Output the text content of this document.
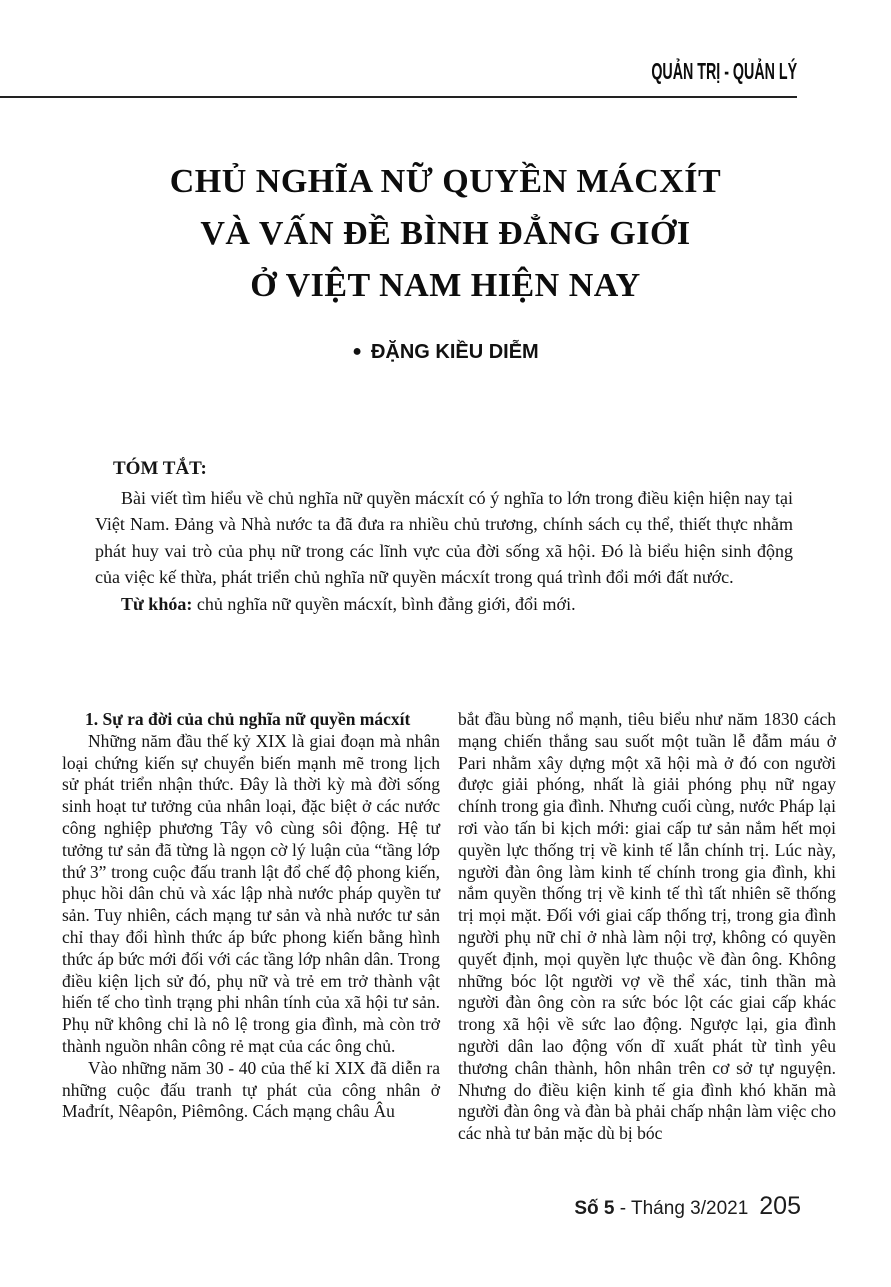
QUẢN TRỊ - QUẢN LÝ
CHỦ NGHĨA NỮ QUYỀN MÁCXÍT
VÀ VẤN ĐỀ BÌNH ĐẲNG GIỚI
Ở VIỆT NAM HIỆN NAY
● ĐẶNG KIỀU DIỄM
TÓM TẮT:

Bài viết tìm hiểu về chủ nghĩa nữ quyền mácxít có ý nghĩa to lớn trong điều kiện hiện nay tại Việt Nam. Đảng và Nhà nước ta đã đưa ra nhiều chủ trương, chính sách cụ thể, thiết thực nhằm phát huy vai trò của phụ nữ trong các lĩnh vực của đời sống xã hội. Đó là biểu hiện sinh động của việc kế thừa, phát triển chủ nghĩa nữ quyền mácxít trong quá trình đổi mới đất nước.

Từ khóa: chủ nghĩa nữ quyền mácxít, bình đẳng giới, đổi mới.

1. Sự ra đời của chủ nghĩa nữ quyền mácxít

Những năm đầu thế kỷ XIX là giai đoạn mà nhân loại chứng kiến sự chuyển biến mạnh mẽ trong lịch sử phát triển nhận thức. Đây là thời kỳ mà đời sống sinh hoạt tư tưởng của nhân loại, đặc biệt ở các nước công nghiệp phương Tây vô cùng sôi động. Hệ tư tưởng tư sản đã từng là ngọn cờ lý luận của “tầng lớp thứ 3” trong cuộc đấu tranh lật đổ chế độ phong kiến, phục hồi dân chủ và xác lập nhà nước pháp quyền tư sản. Tuy nhiên, cách mạng tư sản và nhà nước tư sản chỉ thay đổi hình thức áp bức phong kiến bằng hình thức áp bức mới đối với các tầng lớp nhân dân. Trong điều kiện lịch sử đó, phụ nữ và trẻ em trở thành vật hiến tế cho tình trạng phi nhân tính của xã hội tư sản. Phụ nữ không chỉ là nô lệ trong gia đình, mà còn trở thành nguồn nhân công rẻ mạt của các ông chủ.

Vào những năm 30 - 40 của thế kỉ XIX đã diễn ra những cuộc đấu tranh tự phát của công nhân ở Mađrít, Nêapôn, Piêmông. Cách mạng châu Âu

bắt đầu bùng nổ mạnh, tiêu biểu như năm 1830 cách mạng chiến thắng sau suốt một tuần lễ đẫm máu ở Pari nhằm xây dựng một xã hội mà ở đó con người được giải phóng, nhất là giải phóng phụ nữ ngay chính trong gia đình. Nhưng cuối cùng, nước Pháp lại rơi vào tấn bi kịch mới: giai cấp tư sản nắm hết mọi quyền lực thống trị về kinh tế lẫn chính trị. Lúc này, người đàn ông làm kinh tế chính trong gia đình, khi nắm quyền thống trị về kinh tế thì tất nhiên sẽ thống trị mọi mặt. Đối với giai cấp thống trị, trong gia đình người phụ nữ chỉ ở nhà làm nội trợ, không có quyền quyết định, mọi quyền lực thuộc về đàn ông. Không những bóc lột người vợ về thể xác, tinh thần mà người đàn ông còn ra sức bóc lột các giai cấp khác trong xã hội về sức lao động. Ngược lại, gia đình người dân lao động vốn dĩ xuất phát từ tình yêu thương chân thành, hôn nhân trên cơ sở tự nguyện. Nhưng do điều kiện kinh tế gia đình khó khăn mà người đàn ông và đàn bà phải chấp nhận làm việc cho các nhà tư bản mặc dù bị bóc

Số 5 - Tháng 3/2021 205
